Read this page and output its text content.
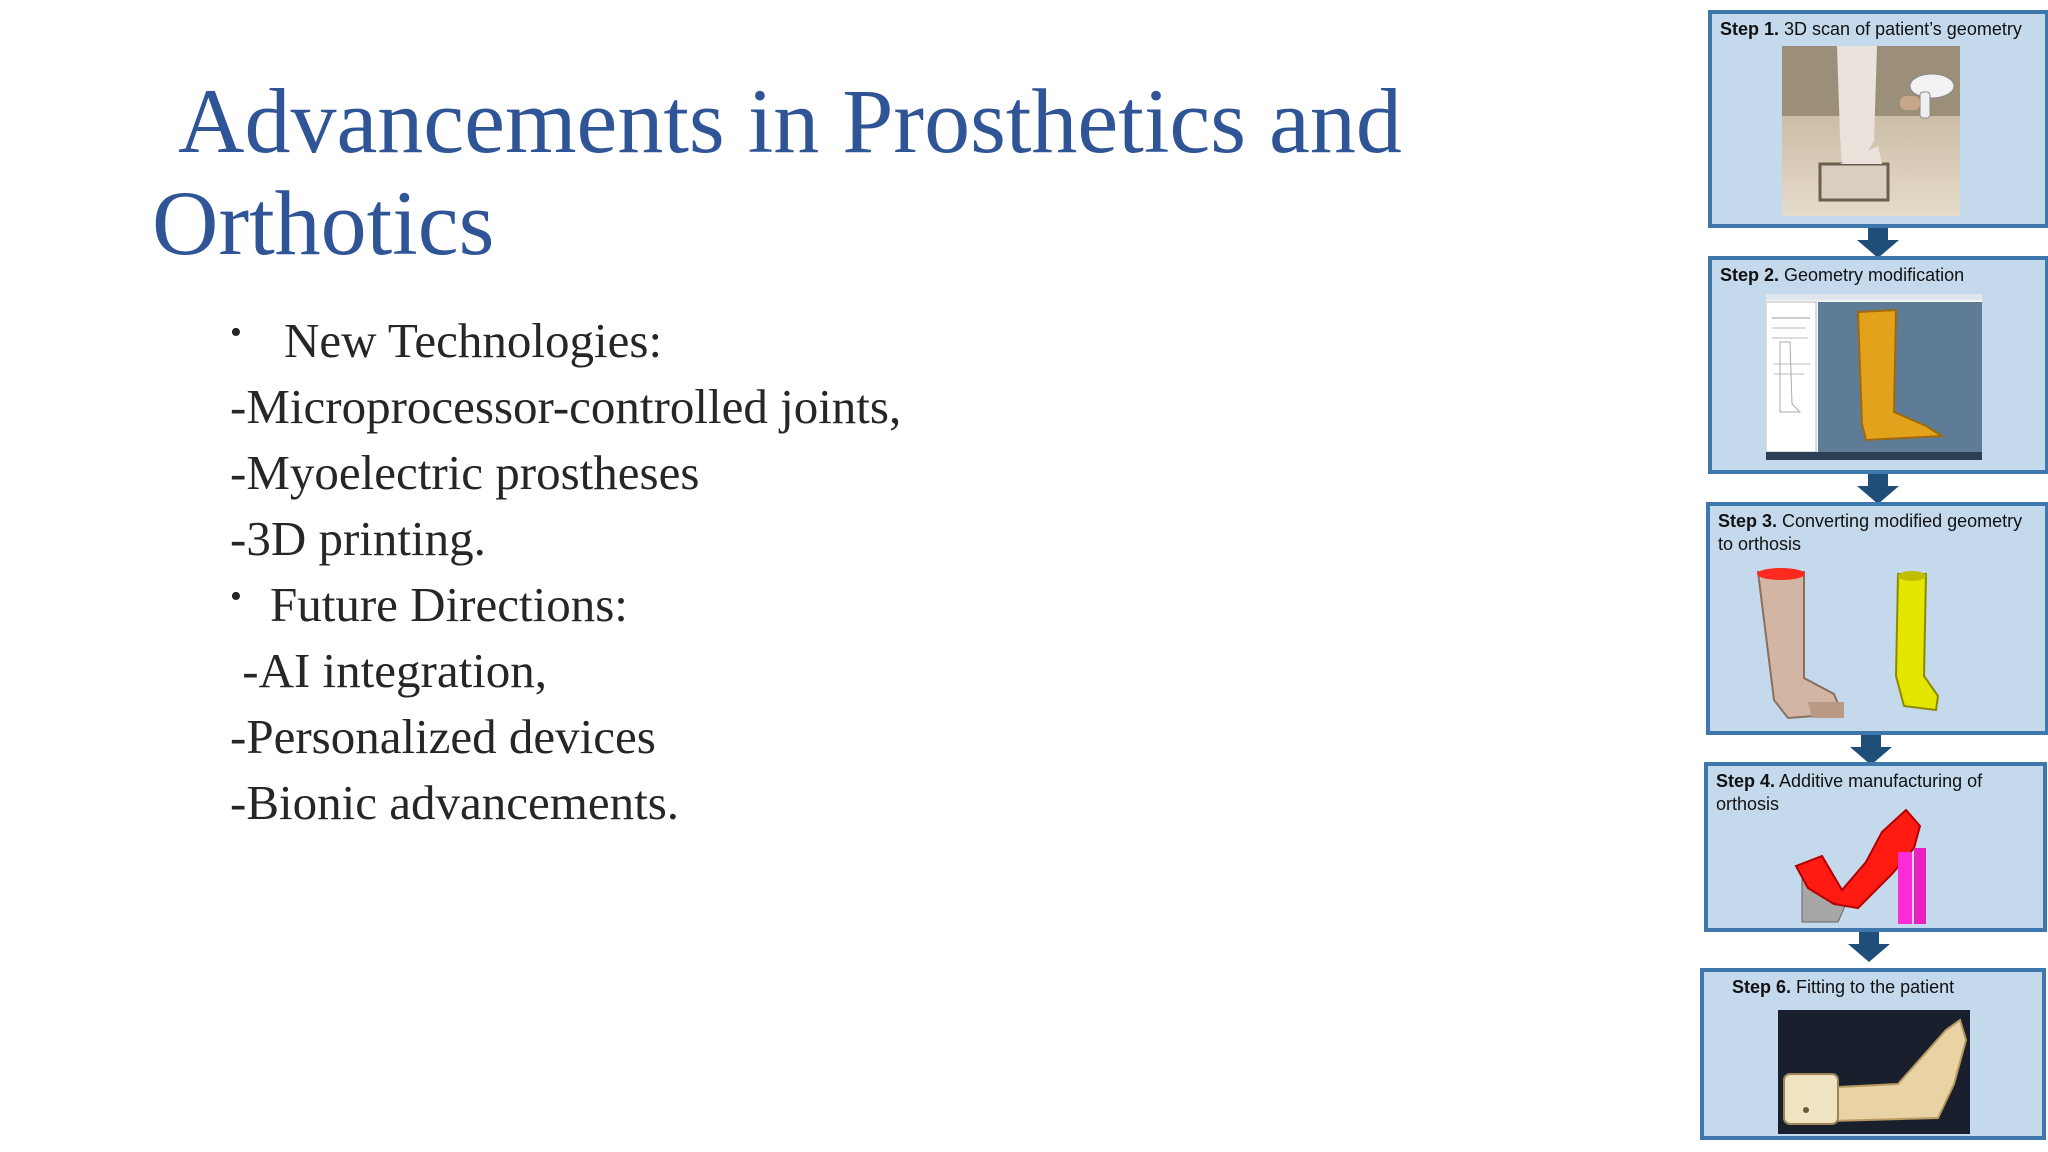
Advancements in Prosthetics and
Orthotics
• New Technologies:
-Microprocessor-controlled joints,
-Myoelectric prostheses
-3D printing.
• Future Directions:
-AI integration,
-Personalized devices
-Bionic advancements.
Step 1. 3D scan of patient’s geometry
Step 2. Geometry modification
Step 3. Converting modified geometry to orthosis
Step 4. Additive manufacturing of orthosis
Step 6. Fitting to the patient
